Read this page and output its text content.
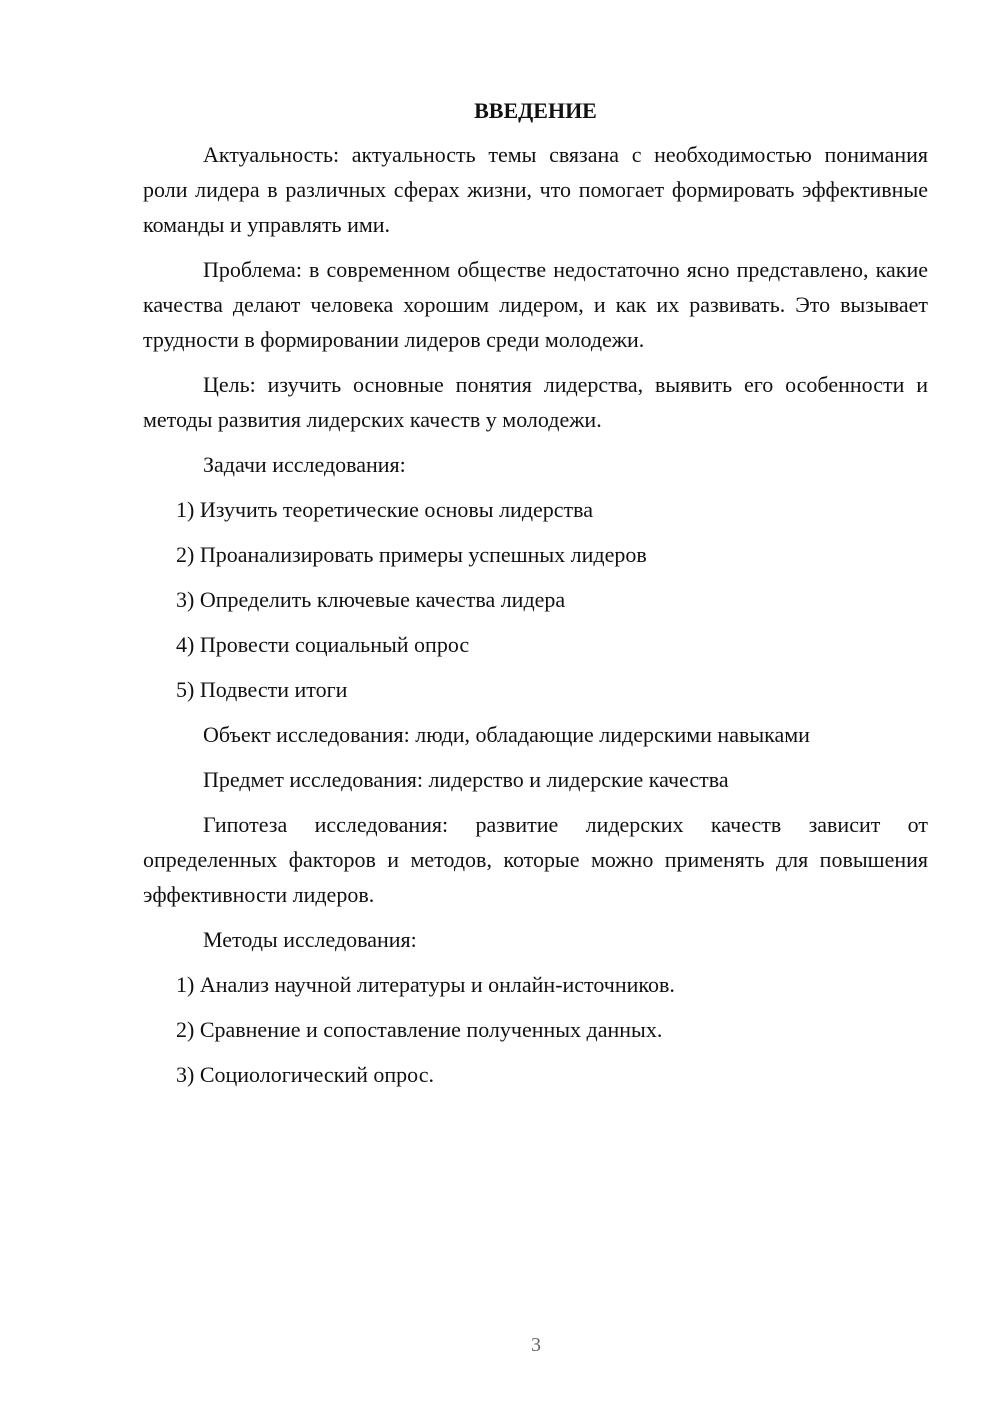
ВВЕДЕНИЕ

Актуальность: актуальность темы связана с необходимостью понимания роли лидера в различных сферах жизни, что помогает формировать эффективные команды и управлять ими.

Проблема: в современном обществе недостаточно ясно представлено, какие качества делают человека хорошим лидером, и как их развивать. Это вызывает трудности в формировании лидеров среди молодежи.

Цель: изучить основные понятия лидерства, выявить его особенности и методы развития лидерских качеств у молодежи.

Задачи исследования:

1) Изучить теоретические основы лидерства
2) Проанализировать примеры успешных лидеров
3) Определить ключевые качества лидера
4) Провести социальный опрос
5) Подвести итоги

Объект исследования: люди, обладающие лидерскими навыками

Предмет исследования: лидерство и лидерские качества

Гипотеза исследования: развитие лидерских качеств зависит от определенных факторов и методов, которые можно применять для повышения эффективности лидеров.

Методы исследования:

1) Анализ научной литературы и онлайн-источников.
2) Сравнение и сопоставление полученных данных.
3) Социологический опрос.
3
